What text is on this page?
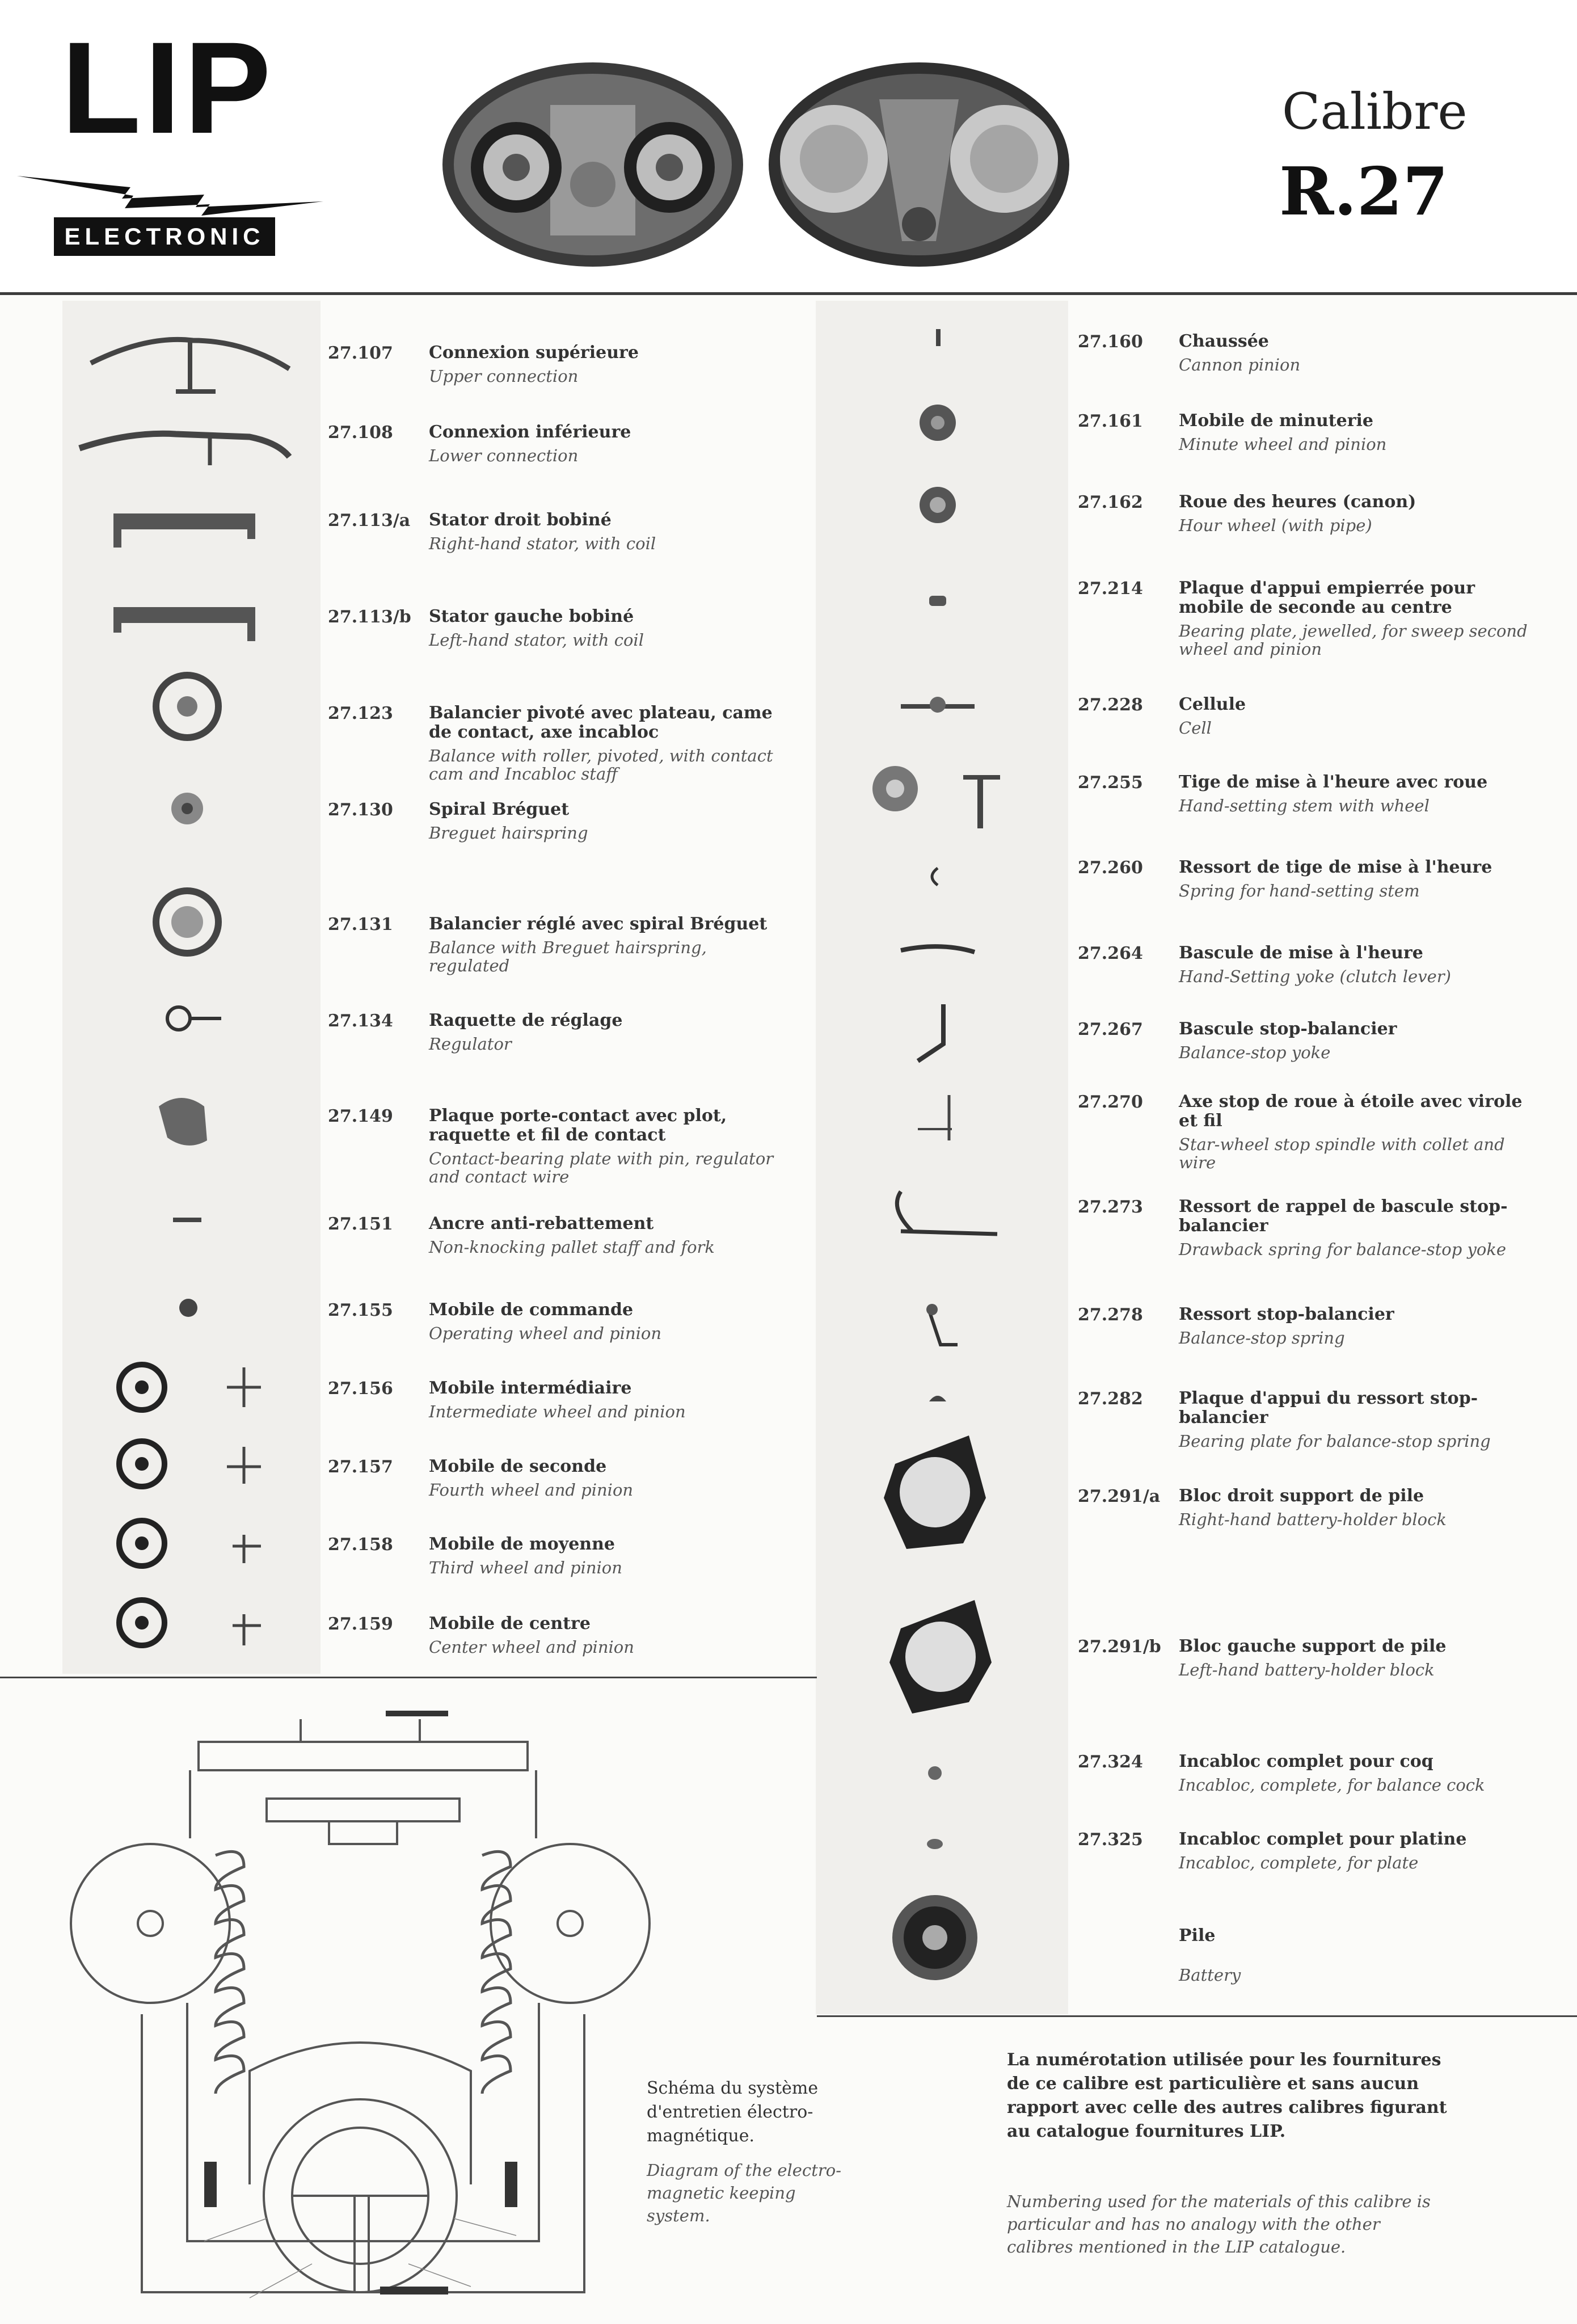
LIP
ELECTRONIC
Calibre
R.27
27.107 Connexion supérieure
Upper connection
27.108 Connexion inférieure
Lower connection
27.113/a Stator droit bobiné
Right-hand stator, with coil
27.113/b Stator gauche bobiné
Left-hand stator, with coil
27.123 Balancier pivoté avec plateau, came de contact, axe incabloc
Balance with roller, pivoted, with contact cam and Incabloc staff
27.130 Spiral Bréguet
Breguet hairspring
27.131 Balancier réglé avec spiral Bréguet
Balance with Breguet hairspring, regulated
27.134 Raquette de réglage
Regulator
27.149 Plaque porte-contact avec plot, raquette et fil de contact
Contact-bearing plate with pin, regulator and contact wire
27.151 Ancre anti-rebattement
Non-knocking pallet staff and fork
27.155 Mobile de commande
Operating wheel and pinion
27.156 Mobile intermédiaire
Intermediate wheel and pinion
27.157 Mobile de seconde
Fourth wheel and pinion
27.158 Mobile de moyenne
Third wheel and pinion
27.159 Mobile de centre
Center wheel and pinion
27.160 Chaussée
Cannon pinion
27.161 Mobile de minuterie
Minute wheel and pinion
27.162 Roue des heures (canon)
Hour wheel (with pipe)
27.214 Plaque d'appui empierrée pour mobile de seconde au centre
Bearing plate, jewelled, for sweep second wheel and pinion
27.228 Cellule
Cell
27.255 Tige de mise à l'heure avec roue
Hand-setting stem with wheel
27.260 Ressort de tige de mise à l'heure
Spring for hand-setting stem
27.264 Bascule de mise à l'heure
Hand-Setting yoke (clutch lever)
27.267 Bascule stop-balancier
Balance-stop yoke
27.270 Axe stop de roue à étoile avec virole et fil
Star-wheel stop spindle with collet and wire
27.273 Ressort de rappel de bascule stop-balancier
Drawback spring for balance-stop yoke
27.278 Ressort stop-balancier
Balance-stop spring
27.282 Plaque d'appui du ressort stop-balancier
Bearing plate for balance-stop spring
27.291/a Bloc droit support de pile
Right-hand battery-holder block
27.291/b Bloc gauche support de pile
Left-hand battery-holder block
27.324 Incabloc complet pour coq
Incabloc, complete, for balance cock
27.325 Incabloc complet pour platine
Incabloc, complete, for plate
Pile
Battery
Schéma du système d'entretien électro-magnétique.
Diagram of the electro-magnetic keeping system.
La numérotation utilisée pour les fournitures de ce calibre est particulière et sans aucun rapport avec celle des autres calibres figurant au catalogue fournitures LIP.
Numbering used for the materials of this calibre is particular and has no analogy with the other calibres mentioned in the LIP catalogue.
